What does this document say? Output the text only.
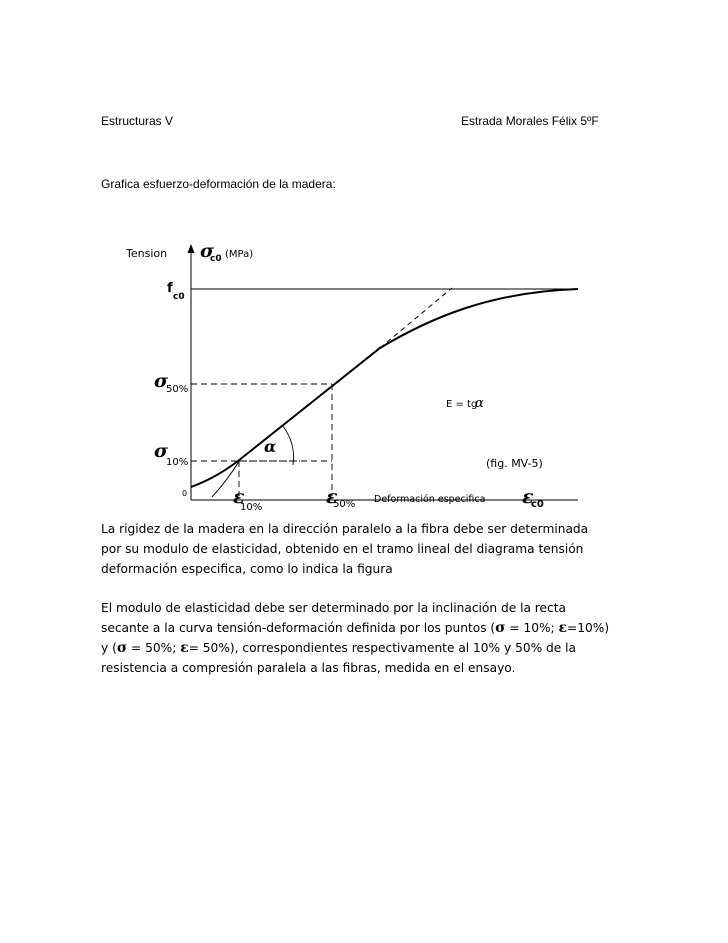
Estructuras V	Estrada Morales Félix 5ºF
Grafica esfuerzo-deformación de la madera:
Tension σ
c0 (MPa)
f
c0
σ
50%
σ
10%
0 ε
10%	ε
50% Deformación especifica ε
c0
α
E = tg
α
(fig. MV-5)
La rigidez de la madera en la dirección paralelo a la fibra debe ser determinada
por su modulo de elasticidad, obtenido en el tramo lineal del diagrama tensión
deformación especifica, como lo indica la figura
El modulo de elasticidad debe ser determinado por la inclinación de la recta
secante a la curva tensión-deformación definida por los puntos (σ = 10%; ε=10%)
y (σ = 50%; ε= 50%), correspondientes respectivamente al 10% y 50% de la
resistencia a compresión paralela a las fibras, medida en el ensayo.
